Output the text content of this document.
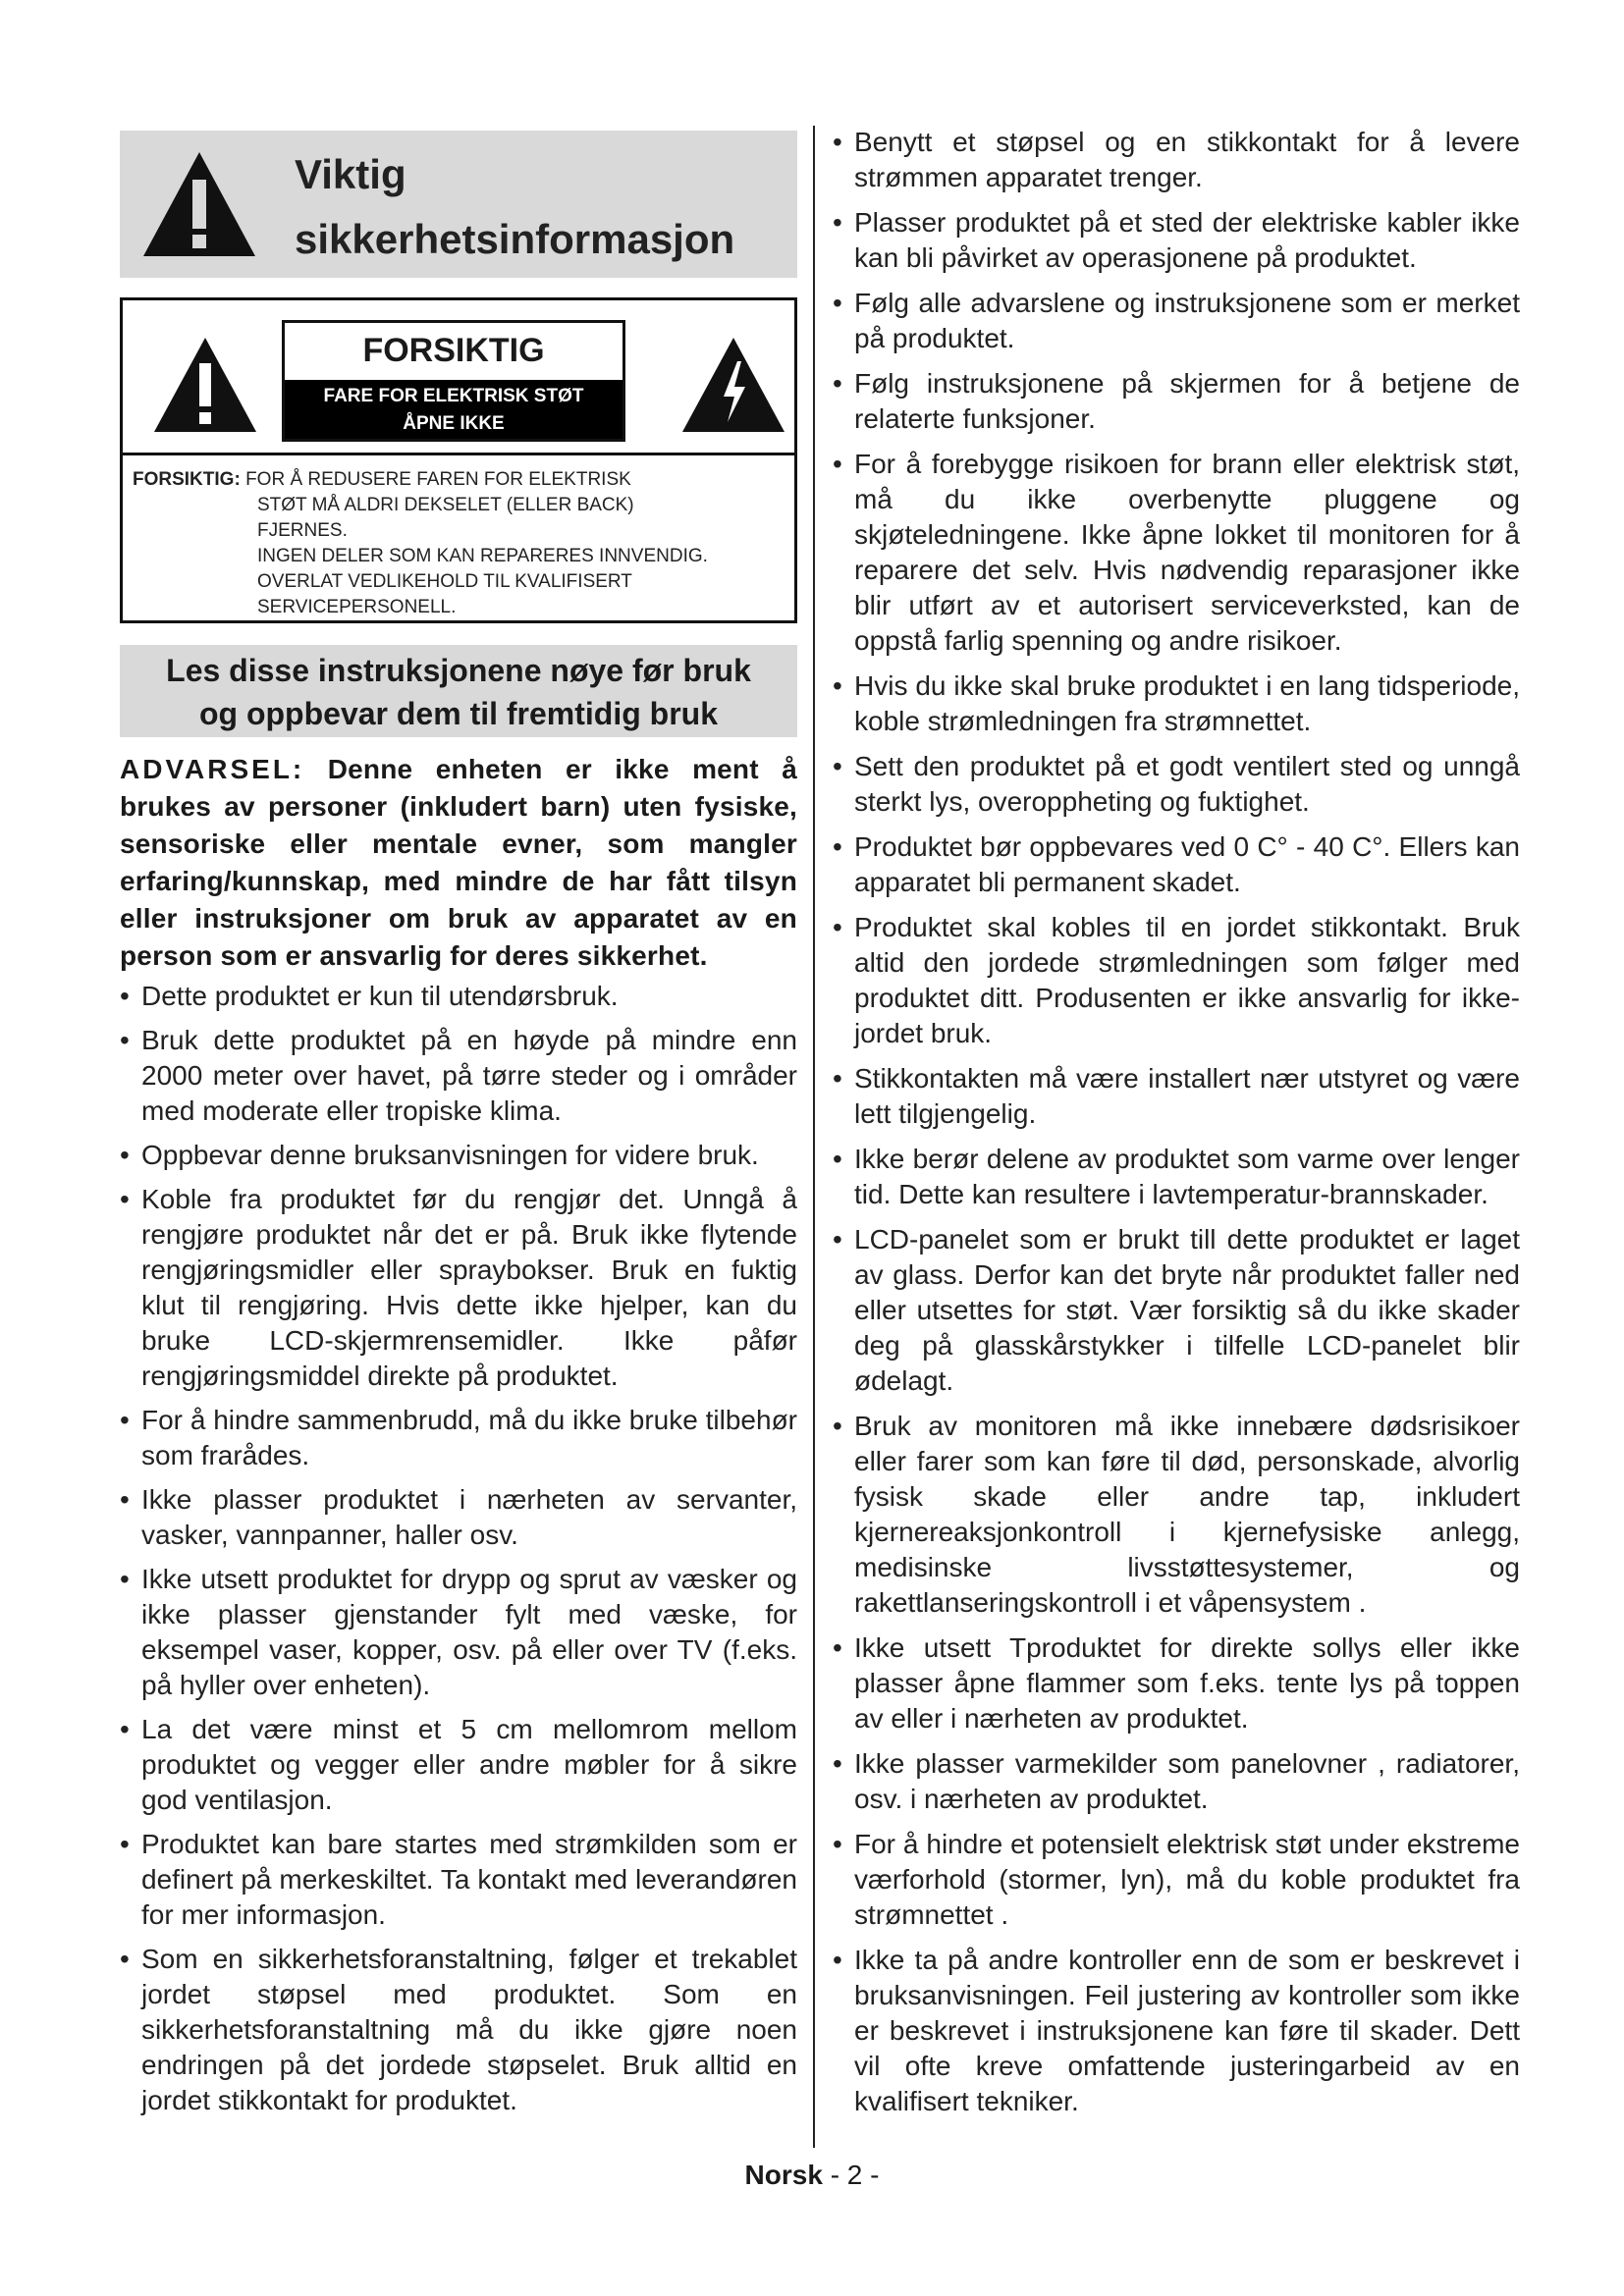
Viktig
sikkerhetsinformasjon
FORSIKTIG
FARE FOR ELEKTRISK STØT
ÅPNE IKKE
FORSIKTIG: FOR Å REDUSERE FAREN FOR ELEKTRISK
STØT MÅ ALDRI DEKSELET (ELLER BACK)
FJERNES.
INGEN DELER SOM KAN REPARERES INNVENDIG.
OVERLAT VEDLIKEHOLD TIL KVALIFISERT
SERVICEPERSONELL.
Les disse instruksjonene nøye før bruk
og oppbevar dem til fremtidig bruk

ADVARSEL: Denne enheten er ikke ment å brukes av personer (inkludert barn) uten fysiske, sensoriske eller mentale evner, som mangler erfaring/kunnskap, med mindre de har fått tilsyn eller instruksjoner om bruk av apparatet av en person som er ansvarlig for deres sikkerhet.

• Dette produktet er kun til utendørsbruk.
• Bruk dette produktet på en høyde på mindre enn 2000 meter over havet, på tørre steder og i områder med moderate eller tropiske klima.
• Oppbevar denne bruksanvisningen for videre bruk.
• Koble fra produktet før du rengjør det. Unngå å rengjøre produktet når det er på. Bruk ikke flytende rengjøringsmidler eller spraybokser. Bruk en fuktig klut til rengjøring. Hvis dette ikke hjelper, kan du bruke LCD-skjermrensemidler. Ikke påfør rengjøringsmiddel direkte på produktet.
• For å hindre sammenbrudd, må du ikke bruke tilbehør som frarådes.
• Ikke plasser produktet i nærheten av servanter, vasker, vannpanner, haller osv.
• Ikke utsett produktet for drypp og sprut av væsker og ikke plasser gjenstander fylt med væske, for eksempel vaser, kopper, osv. på eller over TV (f.eks. på hyller over enheten).
• La det være minst et 5 cm mellomrom mellom produktet og vegger eller andre møbler for å sikre god ventilasjon.
• Produktet kan bare startes med strømkilden som er definert på merkeskiltet. Ta kontakt med leverandøren for mer informasjon.
• Som en sikkerhetsforanstaltning, følger et trekablet jordet støpsel med produktet. Som en sikkerhetsforanstaltning må du ikke gjøre noen endringen på det jordede støpselet. Bruk alltid en jordet stikkontakt for produktet.
• Benytt et støpsel og en stikkontakt for å levere strømmen apparatet trenger.
• Plasser produktet på et sted der elektriske kabler ikke kan bli påvirket av operasjonene på produktet.
• Følg alle advarslene og instruksjonene som er merket på produktet.
• Følg instruksjonene på skjermen for å betjene de relaterte funksjoner.
• For å forebygge risikoen for brann eller elektrisk støt, må du ikke overbenytte pluggene og skjøteledningene. Ikke åpne lokket til monitoren for å reparere det selv. Hvis nødvendig reparasjoner ikke blir utført av et autorisert serviceverksted, kan de oppstå farlig spenning og andre risikoer.
• Hvis du ikke skal bruke produktet i en lang tidsperiode, koble strømledningen fra strømnettet.
• Sett den produktet på et godt ventilert sted og unngå sterkt lys, overoppheting og fuktighet.
• Produktet bør oppbevares ved 0 C° - 40 C°. Ellers kan apparatet bli permanent skadet.
• Produktet skal kobles til en jordet stikkontakt. Bruk altid den jordede strømledningen som følger med produktet ditt. Produsenten er ikke ansvarlig for ikke-jordet bruk.
• Stikkontakten må være installert nær utstyret og være lett tilgjengelig.
• Ikke berør delene av produktet som varme over lenger tid. Dette kan resultere i lavtemperatur-brannskader.
• LCD-panelet som er brukt till dette produktet er laget av glass. Derfor kan det bryte når produktet faller ned eller utsettes for støt. Vær forsiktig så du ikke skader deg på glasskårstykker i tilfelle LCD-panelet blir ødelagt.
• Bruk av monitoren må ikke innebære dødsrisikoer eller farer som kan føre til død, personskade, alvorlig fysisk skade eller andre tap, inkludert kjernereaksjonkontroll i kjernefysiske anlegg, medisinske livsstøttesystemer, og rakettlanseringskontroll i et våpensystem .
• Ikke utsett Tproduktet for direkte sollys eller ikke plasser åpne flammer som f.eks. tente lys på toppen av eller i nærheten av produktet.
• Ikke plasser varmekilder som panelovner , radiatorer, osv. i nærheten av produktet.
• For å hindre et potensielt elektrisk støt under ekstreme værforhold (stormer, lyn), må du koble produktet fra strømnettet .
• Ikke ta på andre kontroller enn de som er beskrevet i bruksanvisningen. Feil justering av kontroller som ikke er beskrevet i instruksjonene kan føre til skader. Dett vil ofte kreve omfattende justeringarbeid av en kvalifisert tekniker.
Norsk - 2 -
